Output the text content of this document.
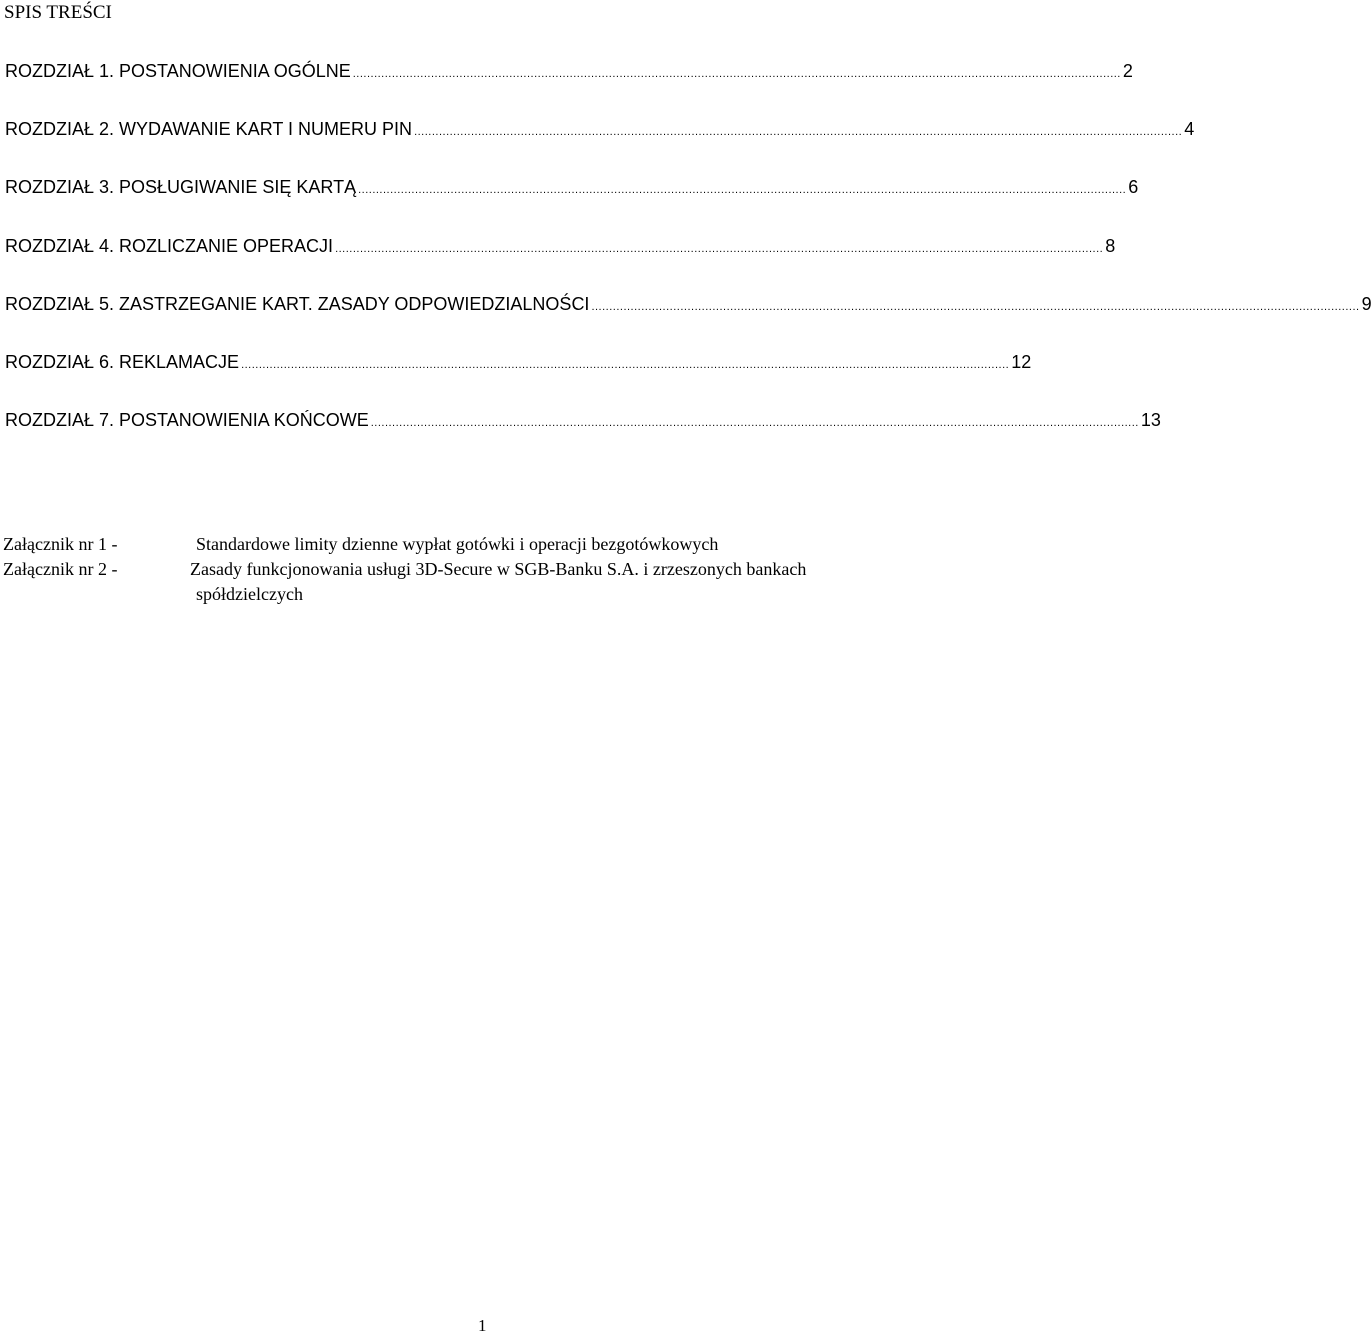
SPIS TREŚCI
ROZDZIAŁ 1. POSTANOWIENIA OGÓLNE ........................................................................................................................................................................................................................ 2
ROZDZIAŁ 2. WYDAWANIE KART I NUMERU PIN ........................................................................................................................................................................................................................ 4
ROZDZIAŁ 3. POSŁUGIWANIE SIĘ KARTĄ ........................................................................................................................................................................................................................ 6
ROZDZIAŁ 4. ROZLICZANIE OPERACJI ........................................................................................................................................................................................................................ 8
ROZDZIAŁ 5. ZASTRZEGANIE KART. ZASADY ODPOWIEDZIALNOŚCI ........................................................................................................................................................................................................................ 9
ROZDZIAŁ 6. REKLAMACJE ........................................................................................................................................................................................................................ 12
ROZDZIAŁ 7. POSTANOWIENIA KOŃCOWE ........................................................................................................................................................................................................................ 13
Załącznik nr 1 -	Standardowe limity dzienne wypłat gotówki i operacji bezgotówkowych
Załącznik nr 2 -	Zasady funkcjonowania usługi 3D-Secure w SGB-Banku S.A. i zrzeszonych bankach
spółdzielczych
1
